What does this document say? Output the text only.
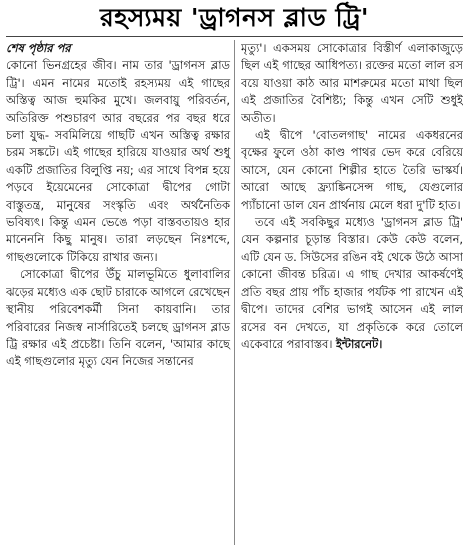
রহস্যময় 'ড্রাগনস ব্লাড ট্রি'

শেষ পৃষ্ঠার পর

কোনো ভিনগ্রহের জীব। নাম তার 'ড্রাগনস ব্লাড ট্রি'। এমন নামের মতোই রহস্যময় এই গাছের অস্তিত্ব আজ হুমকির মুখে। জলবায়ু পরিবর্তন, অতিরিক্ত পশুচারণ আর বছরের পর বছর ধরে চলা যুদ্ধ- সবমিলিয়ে গাছটি এখন অস্তিত্ব রক্ষার চরম সঙ্কটে। এই গাছের হারিয়ে যাওয়ার অর্থ শুধু একটি প্রজাতির বিলুপ্তি নয়; এর সাথে বিপন্ন হয়ে পড়বে ইয়েমেনের সোকোত্রা দ্বীপের গোটা বাস্তুতন্ত্র, মানুষের সংস্কৃতি এবং অর্থনৈতিক ভবিষ্যৎ। কিন্তু এমন ভেঙে পড়া বাস্তবতায়ও হার মানেননি কিছু মানুষ। তারা লড়ছেন নিঃশব্দে, গাছগুলোকে টিকিয়ে রাখার জন্য।

সোকোত্রা দ্বীপের উঁচু মালভূমিতে ধুলাবালির ঝড়ের মধ্যেও এক ছোট চারাকে আগলে রেখেছেন স্থানীয় পরিবেশকর্মী সিনা কায়বানি। তার পরিবারের নিজস্ব নার্সারিতেই চলছে ড্রাগনস ব্লাড ট্রি রক্ষার এই প্রচেষ্টা। তিনি বলেন, 'আমার কাছে এই গাছগুলোর মৃত্যু যেন নিজের সন্তানের

মৃত্যু'। একসময় সোকোত্রার বিস্তীর্ণ এলাকাজুড়ে ছিল এই গাছের আধিপত্য। রক্তের মতো লাল রস বয়ে যাওয়া কাঠ আর মাশরুমের মতো মাথা ছিল এই প্রজাতির বৈশিষ্ট্য; কিন্তু এখন সেটি শুধুই অতীত।

এই দ্বীপে 'বোতলগাছ' নামের একধরনের বৃক্ষের ফুলে ওঠা কাণ্ড পাথর ভেদ করে বেরিয়ে আসে, যেন কোনো শিল্পীর হাতে তৈরি ভাস্কর্য। আরো আছে ফ্র্যাঙ্কিনসেন্স গাছ, যেগুলোর প্যাঁচানো ডাল যেন প্রার্থনায় মেলে ধরা দু'টি হাত।

তবে এই সবকিছুর মধ্যেও 'ড্রাগনস ব্লাড ট্রি' যেন কল্পনার চূড়ান্ত বিস্তার। কেউ কেউ বলেন, এটি যেন ড. সিউসের রঙিন বই থেকে উঠে আসা কোনো জীবন্ত চরিত্র। এ গাছ দেখার আকর্ষণেই প্রতি বছর প্রায় পাঁচ হাজার পর্যটক পা রাখেন এই দ্বীপে। তাদের বেশির ভাগই আসেন এই লাল রসের বন দেখতে, যা প্রকৃতিকে করে তোলে একেবারে পরাবাস্তব। ইন্টারনেট।
